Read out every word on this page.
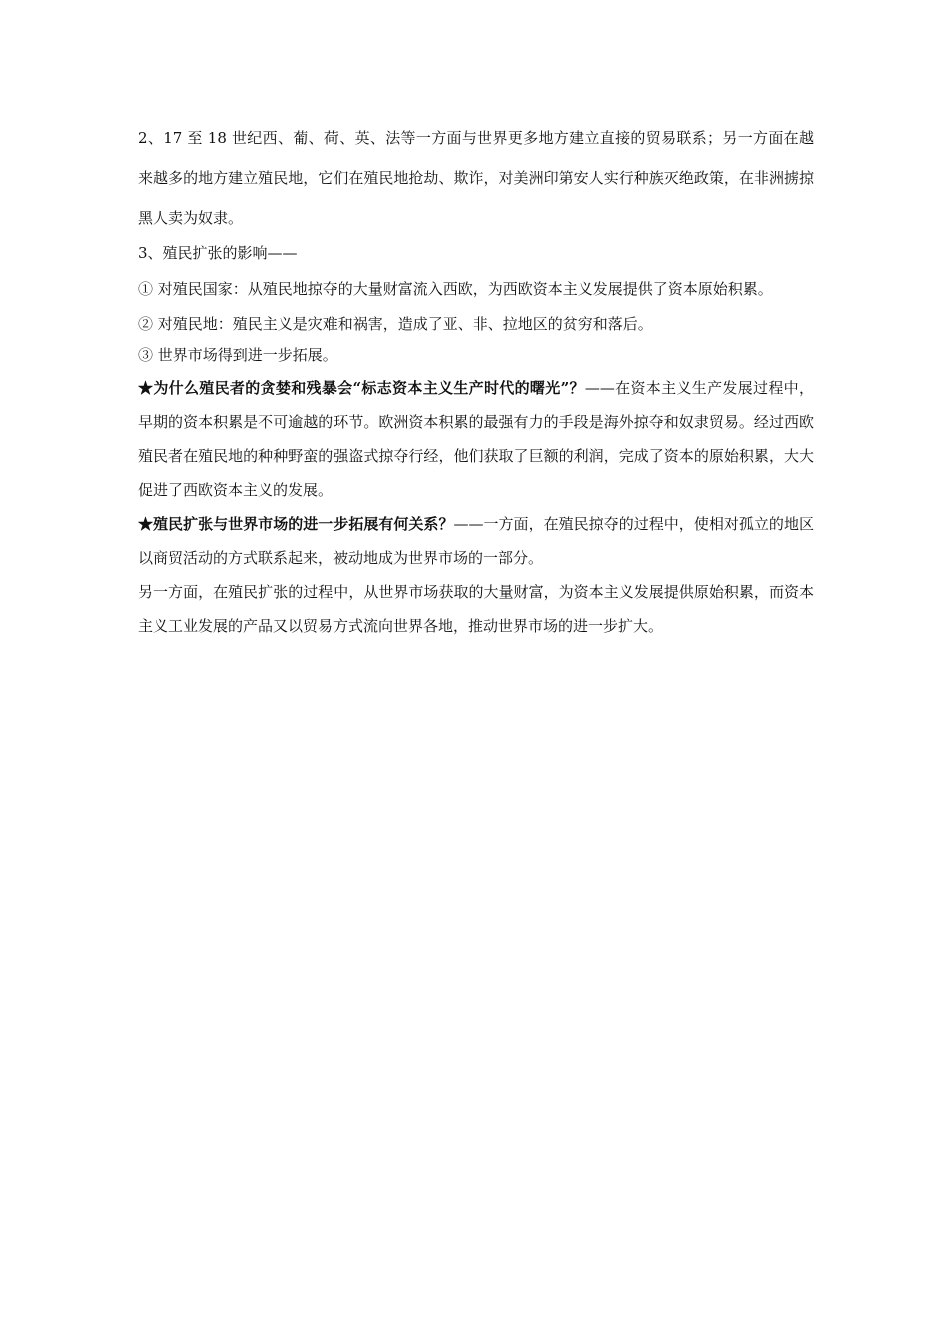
2、17 至 18 世纪西、葡、荷、英、法等一方面与世界更多地方建立直接的贸易联系；另一方面在越来越多的地方建立殖民地，它们在殖民地抢劫、欺诈，对美洲印第安人实行种族灭绝政策，在非洲掳掠黑人卖为奴隶。

3、殖民扩张的影响——

① 对殖民国家：从殖民地掠夺的大量财富流入西欧，为西欧资本主义发展提供了资本原始积累。

② 对殖民地：殖民主义是灾难和祸害，造成了亚、非、拉地区的贫穷和落后。

③ 世界市场得到进一步拓展。

★为什么殖民者的贪婪和残暴会“标志资本主义生产时代的曙光”？——在资本主义生产发展过程中，早期的资本积累是不可逾越的环节。欧洲资本积累的最强有力的手段是海外掠夺和奴隶贸易。经过西欧殖民者在殖民地的种种野蛮的强盗式掠夺行经，他们获取了巨额的利润，完成了资本的原始积累，大大促进了西欧资本主义的发展。

★殖民扩张与世界市场的进一步拓展有何关系？——一方面，在殖民掠夺的过程中，使相对孤立的地区以商贸活动的方式联系起来，被动地成为世界市场的一部分。

另一方面，在殖民扩张的过程中，从世界市场获取的大量财富，为资本主义发展提供原始积累，而资本主义工业发展的产品又以贸易方式流向世界各地，推动世界市场的进一步扩大。
